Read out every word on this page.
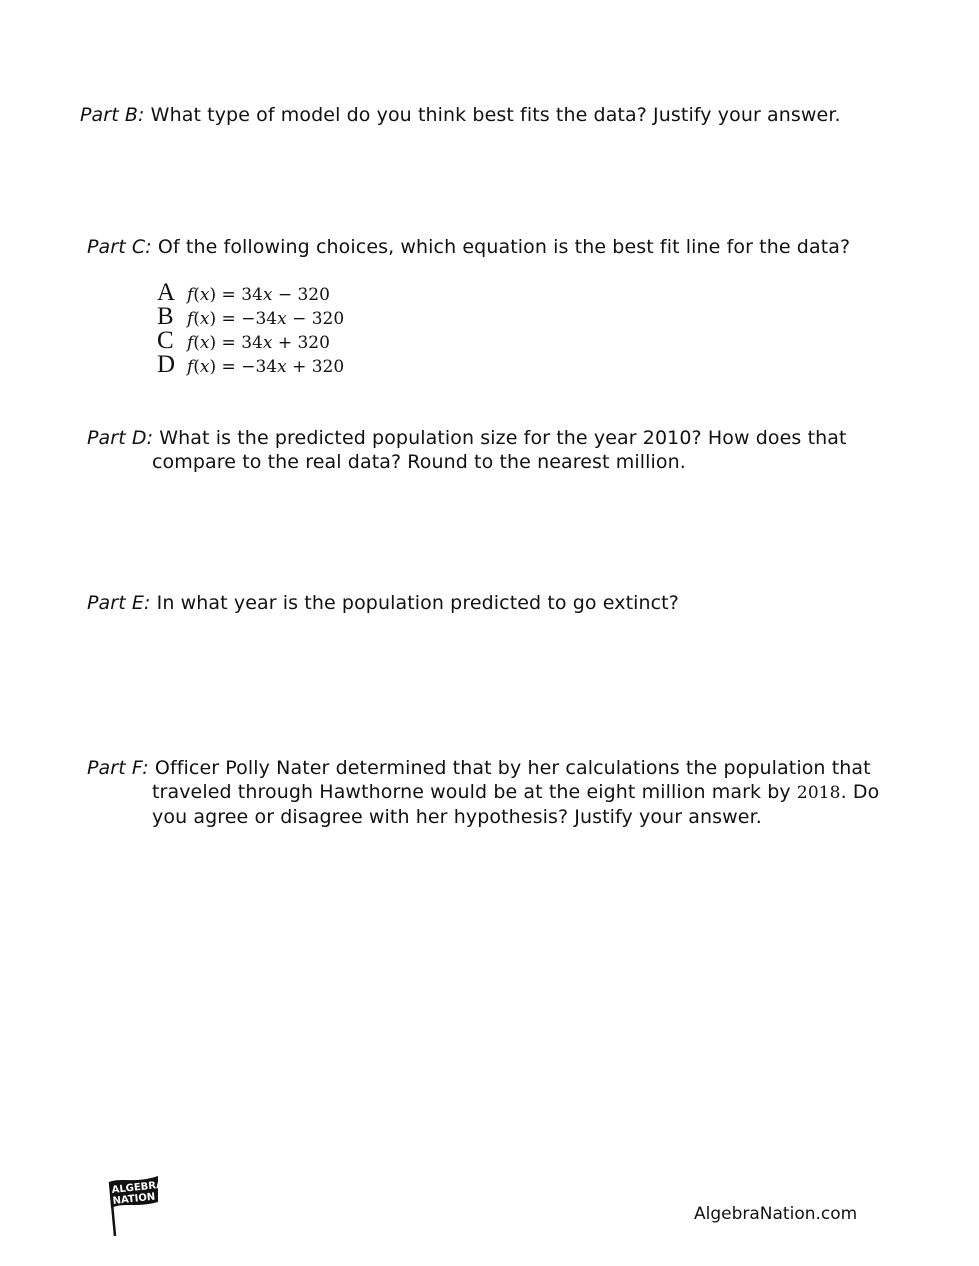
Part B: What type of model do you think best fits the data? Justify your answer.
Part C: Of the following choices, which equation is the best fit line for the data?
A 𝑓(𝑥) = 34𝑥 − 320
B 𝑓(𝑥) = −34𝑥 − 320
C 𝑓(𝑥) = 34𝑥 + 320
D 𝑓(𝑥) = −34𝑥 + 320
Part D: What is the predicted population size for the year 2010? How does that
compare to the real data? Round to the nearest million.
Part E: In what year is the population predicted to go extinct?
Part F: Officer Polly Nater determined that by her calculations the population that
traveled through Hawthorne would be at the eight million mark by 2018. Do
you agree or disagree with her hypothesis? Justify your answer.
ALGEBRA
NATION
AlgebraNation.com
